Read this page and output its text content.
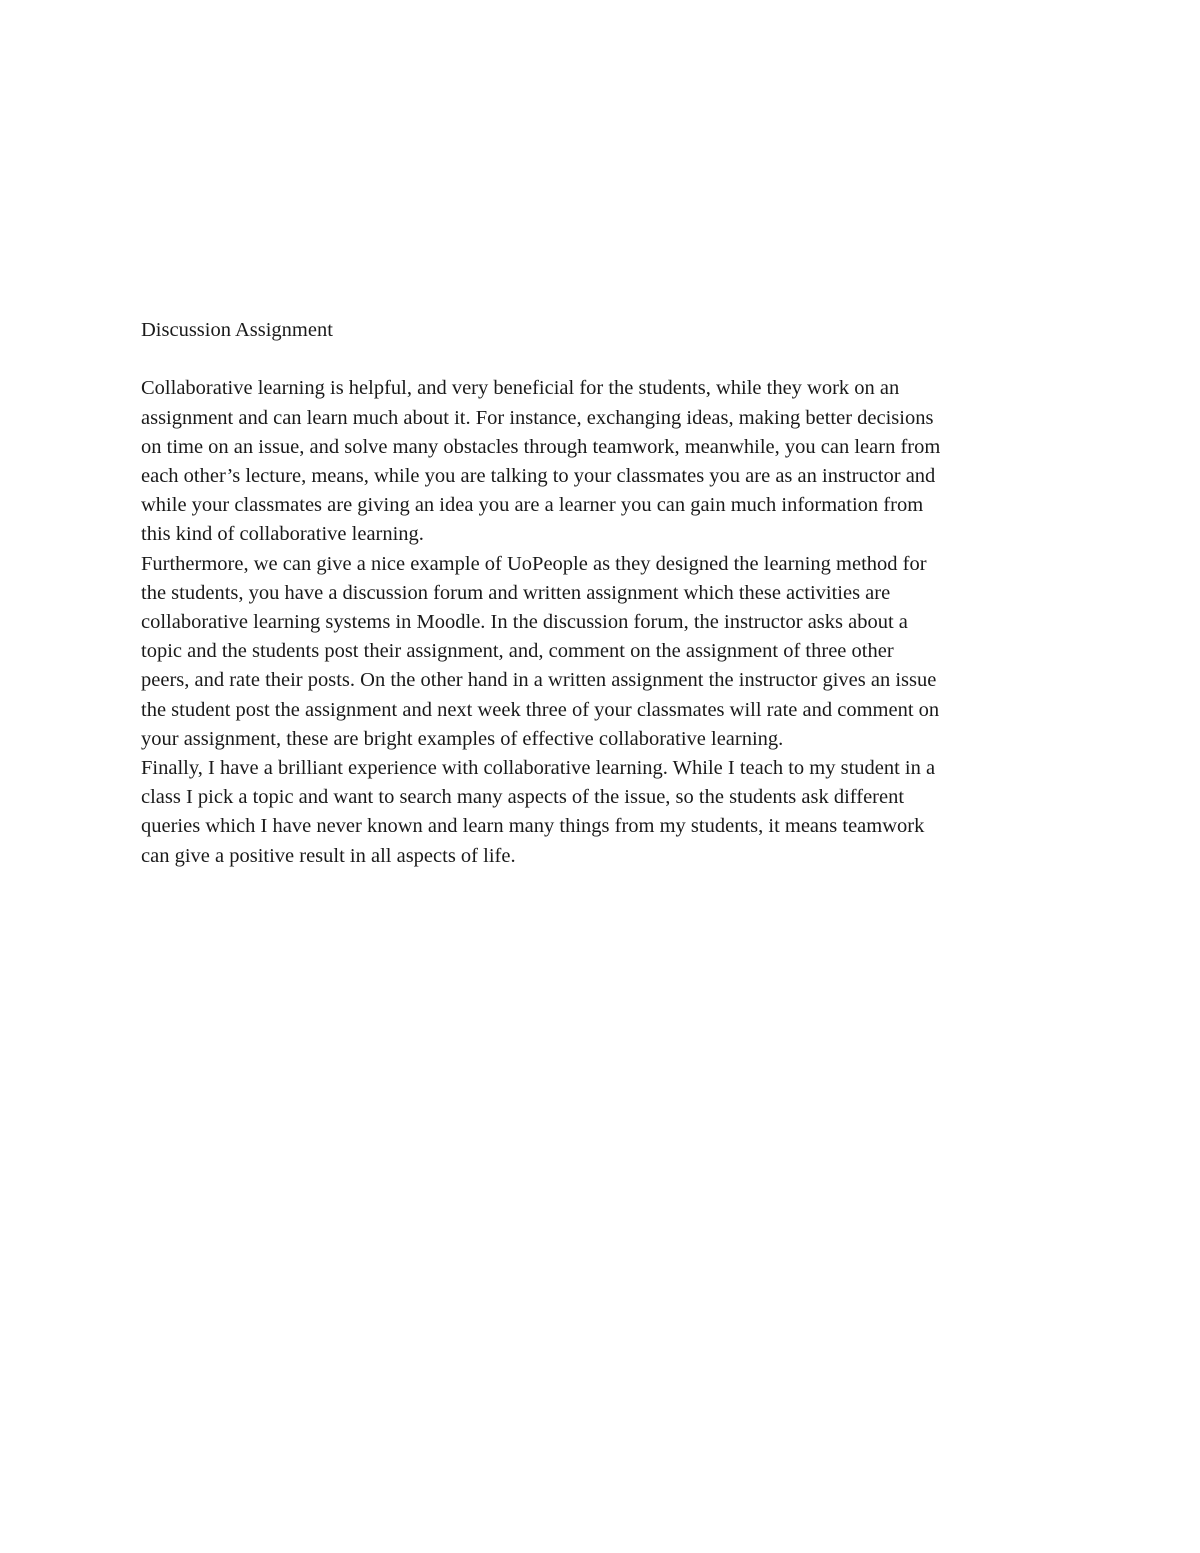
Discussion Assignment
Collaborative learning is helpful, and very beneficial for the students, while they work on an
assignment and can learn much about it. For instance, exchanging ideas, making better decisions
on time on an issue, and solve many obstacles through teamwork, meanwhile, you can learn from
each other’s lecture, means, while you are talking to your classmates you are as an instructor and
while your classmates are giving an idea you are a learner you can gain much information from
this kind of collaborative learning.
Furthermore, we can give a nice example of UoPeople as they designed the learning method for
the students, you have a discussion forum and written assignment which these activities are
collaborative learning systems in Moodle. In the discussion forum, the instructor asks about a
topic and the students post their assignment, and, comment on the assignment of three other
peers, and rate their posts. On the other hand in a written assignment the instructor gives an issue
the student post the assignment and next week three of your classmates will rate and comment on
your assignment, these are bright examples of effective collaborative learning.
Finally, I have a brilliant experience with collaborative learning. While I teach to my student in a
class I pick a topic and want to search many aspects of the issue, so the students ask different
queries which I have never known and learn many things from my students, it means teamwork
can give a positive result in all aspects of life.
